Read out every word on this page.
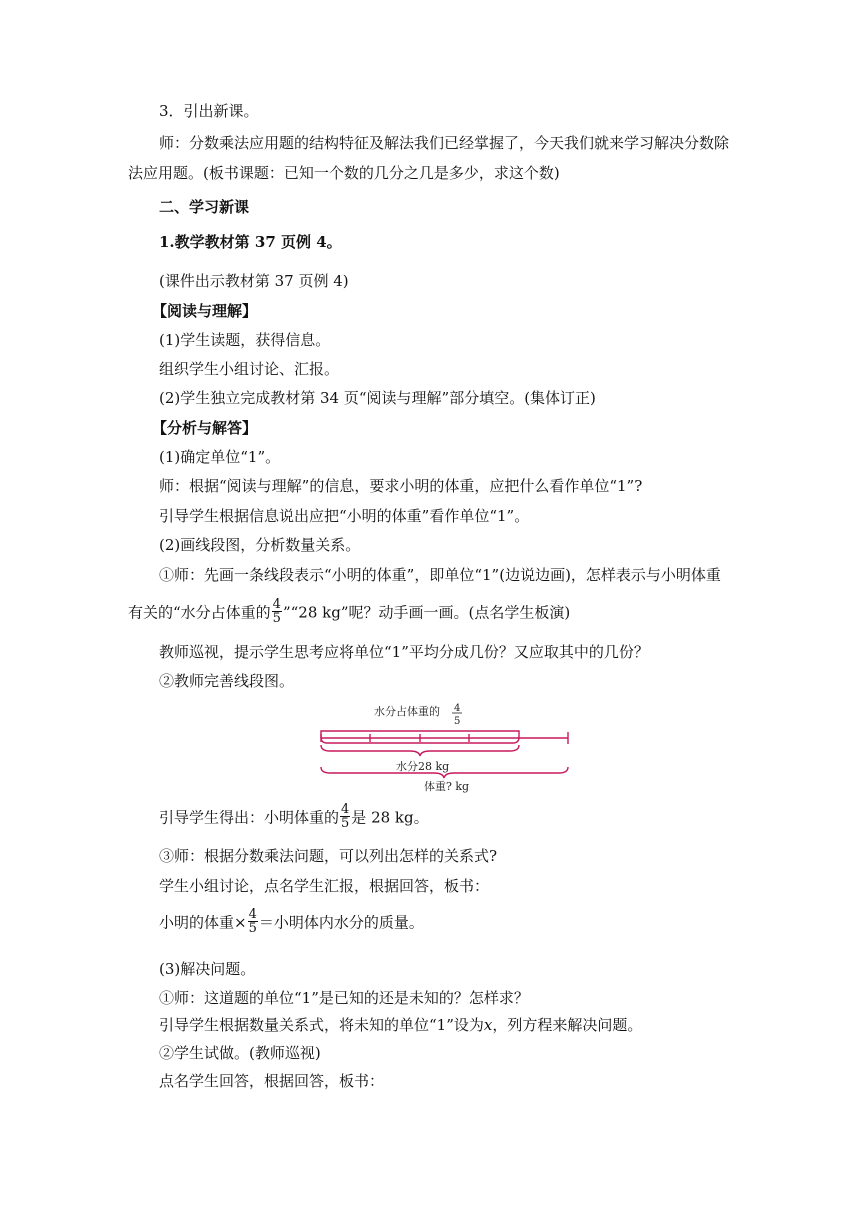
3．引出新课。
师：分数乘法应用题的结构特征及解法我们已经掌握了，今天我们就来学习解决分数除
法应用题。(板书课题：已知一个数的几分之几是多少，求这个数)
二、学习新课
1.教学教材第 37 页例 4。
(课件出示教材第 37 页例 4)
【阅读与理解】
(1)学生读题，获得信息。
组织学生小组讨论、汇报。
(2)学生独立完成教材第 34 页“阅读与理解”部分填空。(集体订正)
【分析与解答】
(1)确定单位“1”。
师：根据“阅读与理解”的信息，要求小明的体重，应把什么看作单位“1”?
引导学生根据信息说出应把“小明的体重”看作单位“1”。
(2)画线段图，分析数量关系。
①师：先画一条线段表示“小明的体重”，即单位“1”(边说边画)，怎样表示与小明体重
有关的“水分占体重的 $\frac{4}{5}$ ”“28 kg”呢？动手画一画。(点名学生板演)
教师巡视，提示学生思考应将单位“1”平均分成几份？又应取其中的几份？
②教师完善线段图。
水分占体重的 4
5
水分28 kg
体重? kg
引导学生得出：小明体重的 $\frac{4}{5}$ 是 28 kg。
③师：根据分数乘法问题，可以列出怎样的关系式?
学生小组讨论，点名学生汇报，根据回答，板书：
小明的体重× $\frac{4}{5}$ ＝小明体内水分的质量。
(3)解决问题。
①师：这道题的单位“1”是已知的还是未知的？怎样求？
引导学生根据数量关系式，将未知的单位“1”设为x，列方程来解决问题。
②学生试做。(教师巡视)
点名学生回答，根据回答，板书：
